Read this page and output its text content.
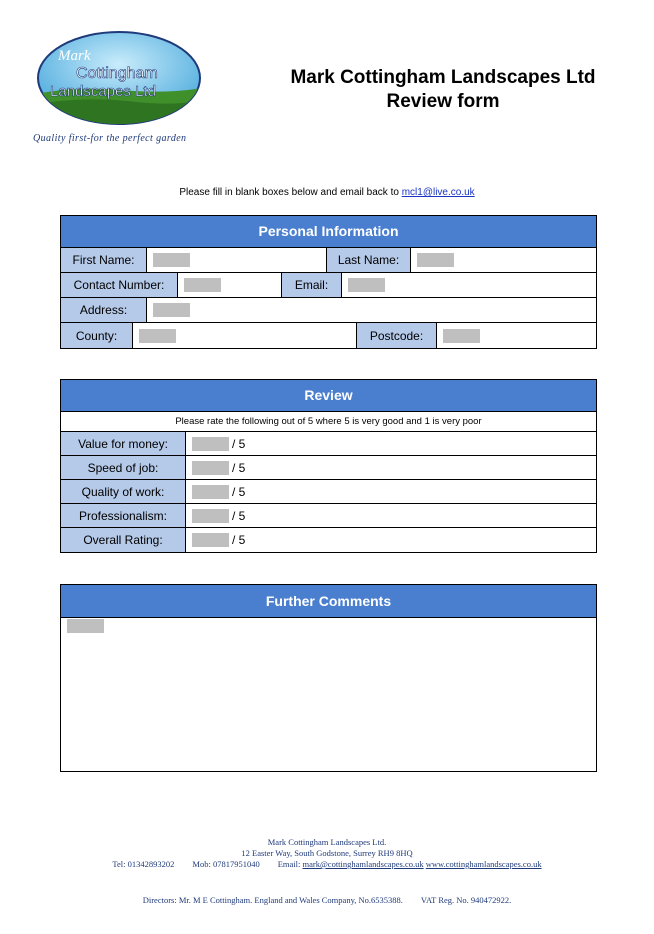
Mark
Cottingham
Landscapes Ltd
Quality first-for the perfect garden
Mark Cottingham Landscapes Ltd
Review form
Please fill in blank boxes below and email back to mcl1@live.co.uk
Personal Information
First Name:	Last Name:
Contact Number:	Email:
Address:
County:	Postcode:
Review
Please rate the following out of 5 where 5 is very good and 1 is very poor
Value for money:	/ 5
Speed of job:	/ 5
Quality of work:	/ 5
Professionalism:	/ 5
Overall Rating:	/ 5
Further Comments
Mark Cottingham Landscapes Ltd.
12 Easter Way, South Godstone, Surrey RH9 8HQ
Tel: 01342893202 Mob: 07817951040 Email: mark@cottinghamlandscapes.co.uk www.cottinghamlandscapes.co.uk
Directors: Mr. M E Cottingham. England and Wales Company, No.6535388. VAT Reg. No. 940472922.
